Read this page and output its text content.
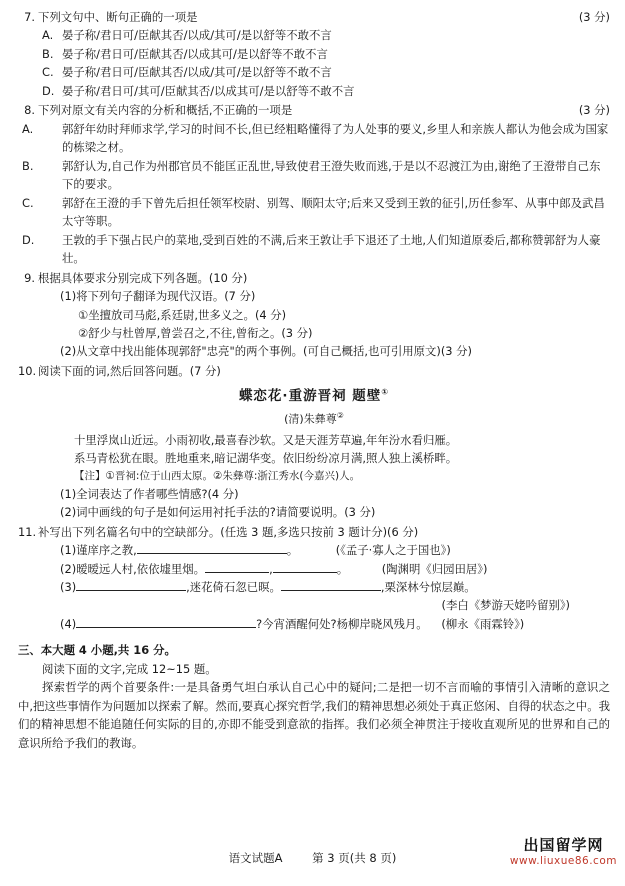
7.	(3 分)
下列文句中、断句正确的一项是
A. 晏子称/君日可/臣献其否/以成/其可/是以舒等不敢不言
B. 晏子称/君日可/臣献其否/以成其可/是以舒等不敢不言
C. 晏子称/君日可/臣献其否/以成/其可/是以舒等不敢不言
D. 晏子称/君日可/其可/臣献其否/以成其可/是以舒等不敢不言
8.	(3 分)
下列对原文有关内容的分析和概括,不正确的一项是
A.	郭舒年幼时拜师求学,学习的时间不长,但已经粗略懂得了为人处事的要义,乡里人和亲族人都认为他会成为国家的栋梁之材。
B.	郭舒认为,自己作为州郡官员不能匡正乱世,导致使君王澄失败而逃,于是以不忍渡江为由,谢绝了王澄带自己东下的要求。
C. 郭舒在王澄的手下曾先后担任领军校尉、别驾、顺阳太守;后来又受到王敦的征引,历任参军、从事中郎及武昌太守等职。
D. 王敦的手下强占民户的菜地,受到百姓的不满,后来王敦让手下退还了土地,人们知道原委后,都称赞郭舒为人豪壮。
9. 根据具体要求分别完成下列各题。(10 分)
(1)将下列句子翻译为现代汉语。(7 分)
①坐擅放司马彪,系廷尉,世多义之。(4 分)
②舒少与杜曾厚,曾尝召之,不往,曾衔之。(3 分)
(2)从文章中找出能体现郭舒"忠亮"的两个事例。(可自己概括,也可引用原文)(3 分)
10. 阅读下面的词,然后回答问题。(7 分)
蝶恋花·重游晋祠 题壁①
(清)朱彝尊②
十里浮岚山近远。小雨初收,最喜春沙软。又是天涯芳草遍,年年汾水看归雁。
系马青松犹在眼。胜地重来,暗记湖华变。依旧纷纷凉月满,照人独上溪桥畔。
【注】①晋祠:位于山西太原。②朱彝尊:浙江秀水(今嘉兴)人。
(1)全词表达了作者哪些情感?(4 分)
(2)词中画线的句子是如何运用衬托手法的?请简要说明。(3 分)
11. 补写出下列名篇名句中的空缺部分。(任选 3 题,多选只按前 3 题计分)(6 分)
(1)谨庠序之教,	。	(《孟子·寡人之于国也》)
(2)暧暧远人村,依依墟里烟。	,	。	(陶渊明《归园田居》)
(3)	,迷花倚石忽已暝。	,栗深林兮惊层巅。
(李白《梦游天姥吟留别》)
(4)	?今宵酒醒何处?杨柳岸晓风残月。 (柳永《雨霖铃》)
三、本大题 4 小题,共 16 分。
阅读下面的文字,完成 12~15 题。
探索哲学的两个首要条件:一是具备勇气坦白承认自己心中的疑问;二是把一切不言而喻的事情引入清晰的意识之中,把这些事情作为问题加以探索了解。然而,要真心探究哲学,我们的精神思想必须处于真正悠闲、自得的状态之中。我们的精神思想不能追随任何实际的目的,亦即不能受到意欲的指挥。我们必须全神贯注于接收直观所见的世界和自己的意识所给予我们的教诲。
语文试题A	第 3 页(共 8 页)
出国留学网
www.liuxue86.com
